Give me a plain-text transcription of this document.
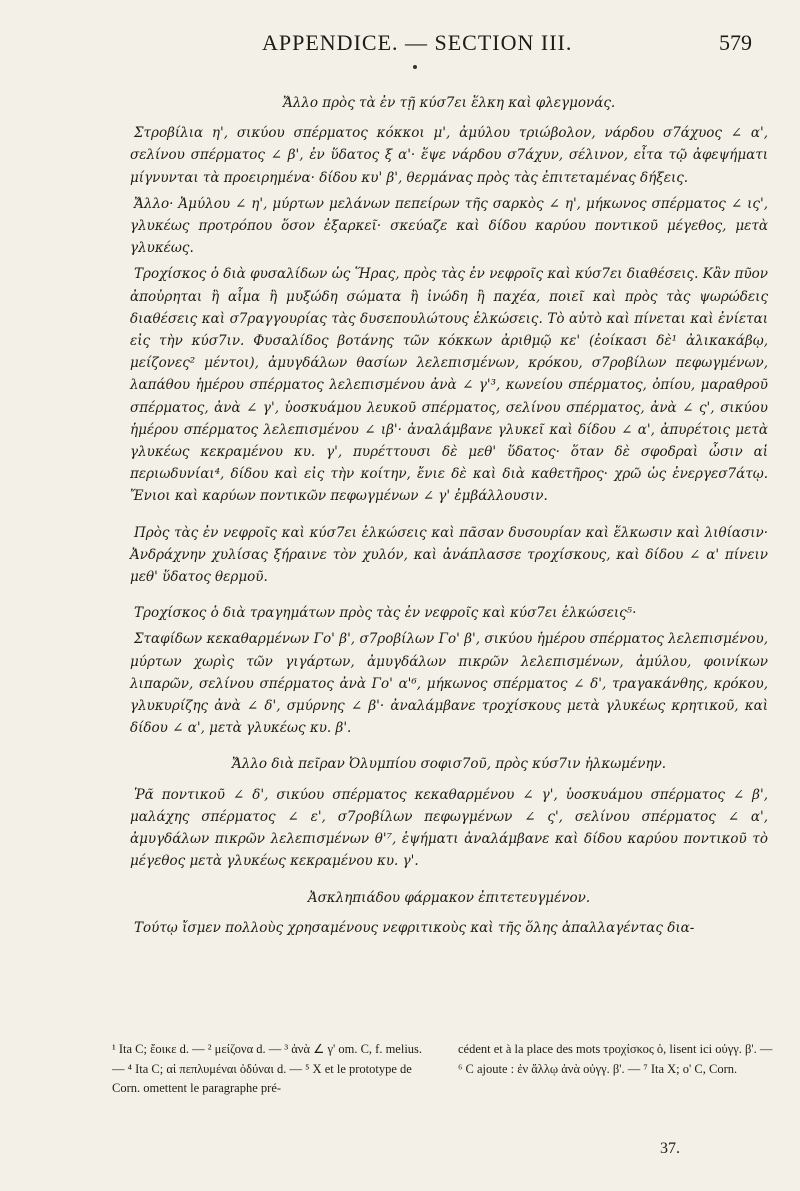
APPENDICE. — SECTION III.	579

Ἄλλο πρὸς τὰ ἐν τῇ κύσ7ει ἕλκη καὶ φλεγμονάς.

Στροβίλια η', σικύου σπέρματος κόκκοι μ', ἀμύλου τριώβολον, νάρδου σ7άχυος ∠ α', σελίνου σπέρματος ∠ β', ἐν ὕδατος ξ α'· ἕψε νάρδου σ7άχυν, σέλινον, εἶτα τῷ ἀφεψήματι μίγνυνται τὰ προειρημένα· δίδου κυ' β', θερμάνας πρὸς τὰς ἐπιτεταμένας δήξεις.

Ἄλλο· Ἀμύλου ∠ η', μύρτων μελάνων πεπείρων τῆς σαρκὸς ∠ η', μήκωνος σπέρματος ∠ ις', γλυκέως προτρόπου ὅσον ἐξαρκεῖ· σκεύαζε καὶ δίδου καρύου ποντικοῦ μέγεθος, μετὰ γλυκέως.

Τροχίσκος ὁ διὰ φυσαλίδων ὡς Ἥρας, πρὸς τὰς ἐν νεφροῖς καὶ κύσ7ει διαθέσεις. Κἂν πῦον ἀποὐρηται ἢ αἷμα ἢ μυξώδη σώματα ἢ ἰνώδη ἢ παχέα, ποιεῖ καὶ πρὸς τὰς ψωρώδεις διαθέσεις καὶ σ7ραγγουρίας τὰς δυσεπουλώτους ἑλκώσεις. Τὸ αὐτὸ καὶ πίνεται καὶ ἐνίεται εἰς τὴν κύσ7ιν. Φυσαλίδος βοτάνης τῶν κόκκων ἀριθμῷ κε' (ἐοίκασι δὲ¹ ἀλικακάβῳ, μείζονες² μέντοι), ἀμυγδάλων θασίων λελεπισμένων, κρόκου, σ7ροβίλων πεφωγμένων, λαπάθου ἡμέρου σπέρματος λελεπισμένου ἀνὰ ∠ γ'³, κωνείου σπέρματος, ὀπίου, μαραθροῦ σπέρματος, ἀνὰ ∠ γ', ὑοσκυάμου λευκοῦ σπέρματος, σελίνου σπέρματος, ἀνὰ ∠ ς', σικύου ἡμέρου σπέρματος λελεπισμένου ∠ ιβ'· ἀναλάμβανε γλυκεῖ καὶ δίδου ∠ α', ἀπυρέτοις μετὰ γλυκέως κεκραμένου κυ. γ', πυρέττουσι δὲ μεθ' ὕδατος· ὅταν δὲ σφοδραὶ ὦσιν αἱ περιωδυνίαι⁴, δίδου καὶ εἰς τὴν κοίτην, ἔνιε δὲ καὶ διὰ καθετῆρος· χρῶ ὡς ἐνεργεσ7άτῳ. Ἔνιοι καὶ καρύων ποντικῶν πεφωγμένων ∠ γ' ἐμβάλλουσιν.

Πρὸς τὰς ἐν νεφροῖς καὶ κύσ7ει ἑλκώσεις καὶ πᾶσαν δυσουρίαν καὶ ἕλκωσιν καὶ λιθίασιν· Ἀνδράχνην χυλίσας ξήραινε τὸν χυλόν, καὶ ἀνάπλασσε τροχίσκους, καὶ δίδου ∠ α' πίνειν μεθ' ὕδατος θερμοῦ.

Τροχίσκος ὁ διὰ τραγημάτων πρὸς τὰς ἐν νεφροῖς καὶ κύσ7ει ἑλκώσεις⁵·

Σταφίδων κεκαθαρμένων Γο' β', σ7ροβίλων Γο' β', σικύου ἡμέρου σπέρματος λελεπισμένου, μύρτων χωρὶς τῶν γιγάρτων, ἀμυγδάλων πικρῶν λελεπισμένων, ἀμύλου, φοινίκων λιπαρῶν, σελίνου σπέρματος ἀνὰ Γο' α'⁶, μήκωνος σπέρματος ∠ δ', τραγακάνθης, κρόκου, γλυκυρίζης ἀνὰ ∠ δ', σμύρνης ∠ β'· ἀναλάμβανε τροχίσκους μετὰ γλυκέως κρητικοῦ, καὶ δίδου ∠ α', μετὰ γλυκέως κυ. β'.

Ἄλλο διὰ πεῖραν Ὀλυμπίου σοφισ7οῦ, πρὸς κύσ7ιν ἡλκωμένην.

Ῥᾶ ποντικοῦ ∠ δ', σικύου σπέρματος κεκαθαρμένου ∠ γ', ὑοσκυάμου σπέρματος ∠ β', μαλάχης σπέρματος ∠ ε', σ7ροβίλων πεφωγμένων ∠ ς', σελίνου σπέρματος ∠ α', ἀμυγδάλων πικρῶν λελεπισμένων θ'⁷, ἑψήματι ἀναλάμβανε καὶ δίδου καρύου ποντικοῦ τὸ μέγεθος μετὰ γλυκέως κεκραμένου κυ. γ'.

Ἀσκληπιάδου φάρμακον ἐπιτετευγμένον.

Τούτῳ ἴσμεν πολλοὺς χρησαμένους νεφριτικοὺς καὶ τῆς ὅλης ἀπαλλαγέντας δια-

¹ Ita C; ἔοικε d. — ² μείζονα d. — ³ ἀνὰ ∠ γ' om. C, f. melius. — ⁴ Ita C; αἱ πεπλυμέναι ὀδύναι d. — ⁵ X et le prototype de Corn. omettent le paragraphe pré-
cédent et à la place des mots τροχίσκος ὁ, lisent ici οὐγγ. β'. — ⁶ C ajoute : ἐν ἄλλῳ ἀνὰ οὐγγ. β'. — ⁷ Ita X; ο' C, Corn.
37.
